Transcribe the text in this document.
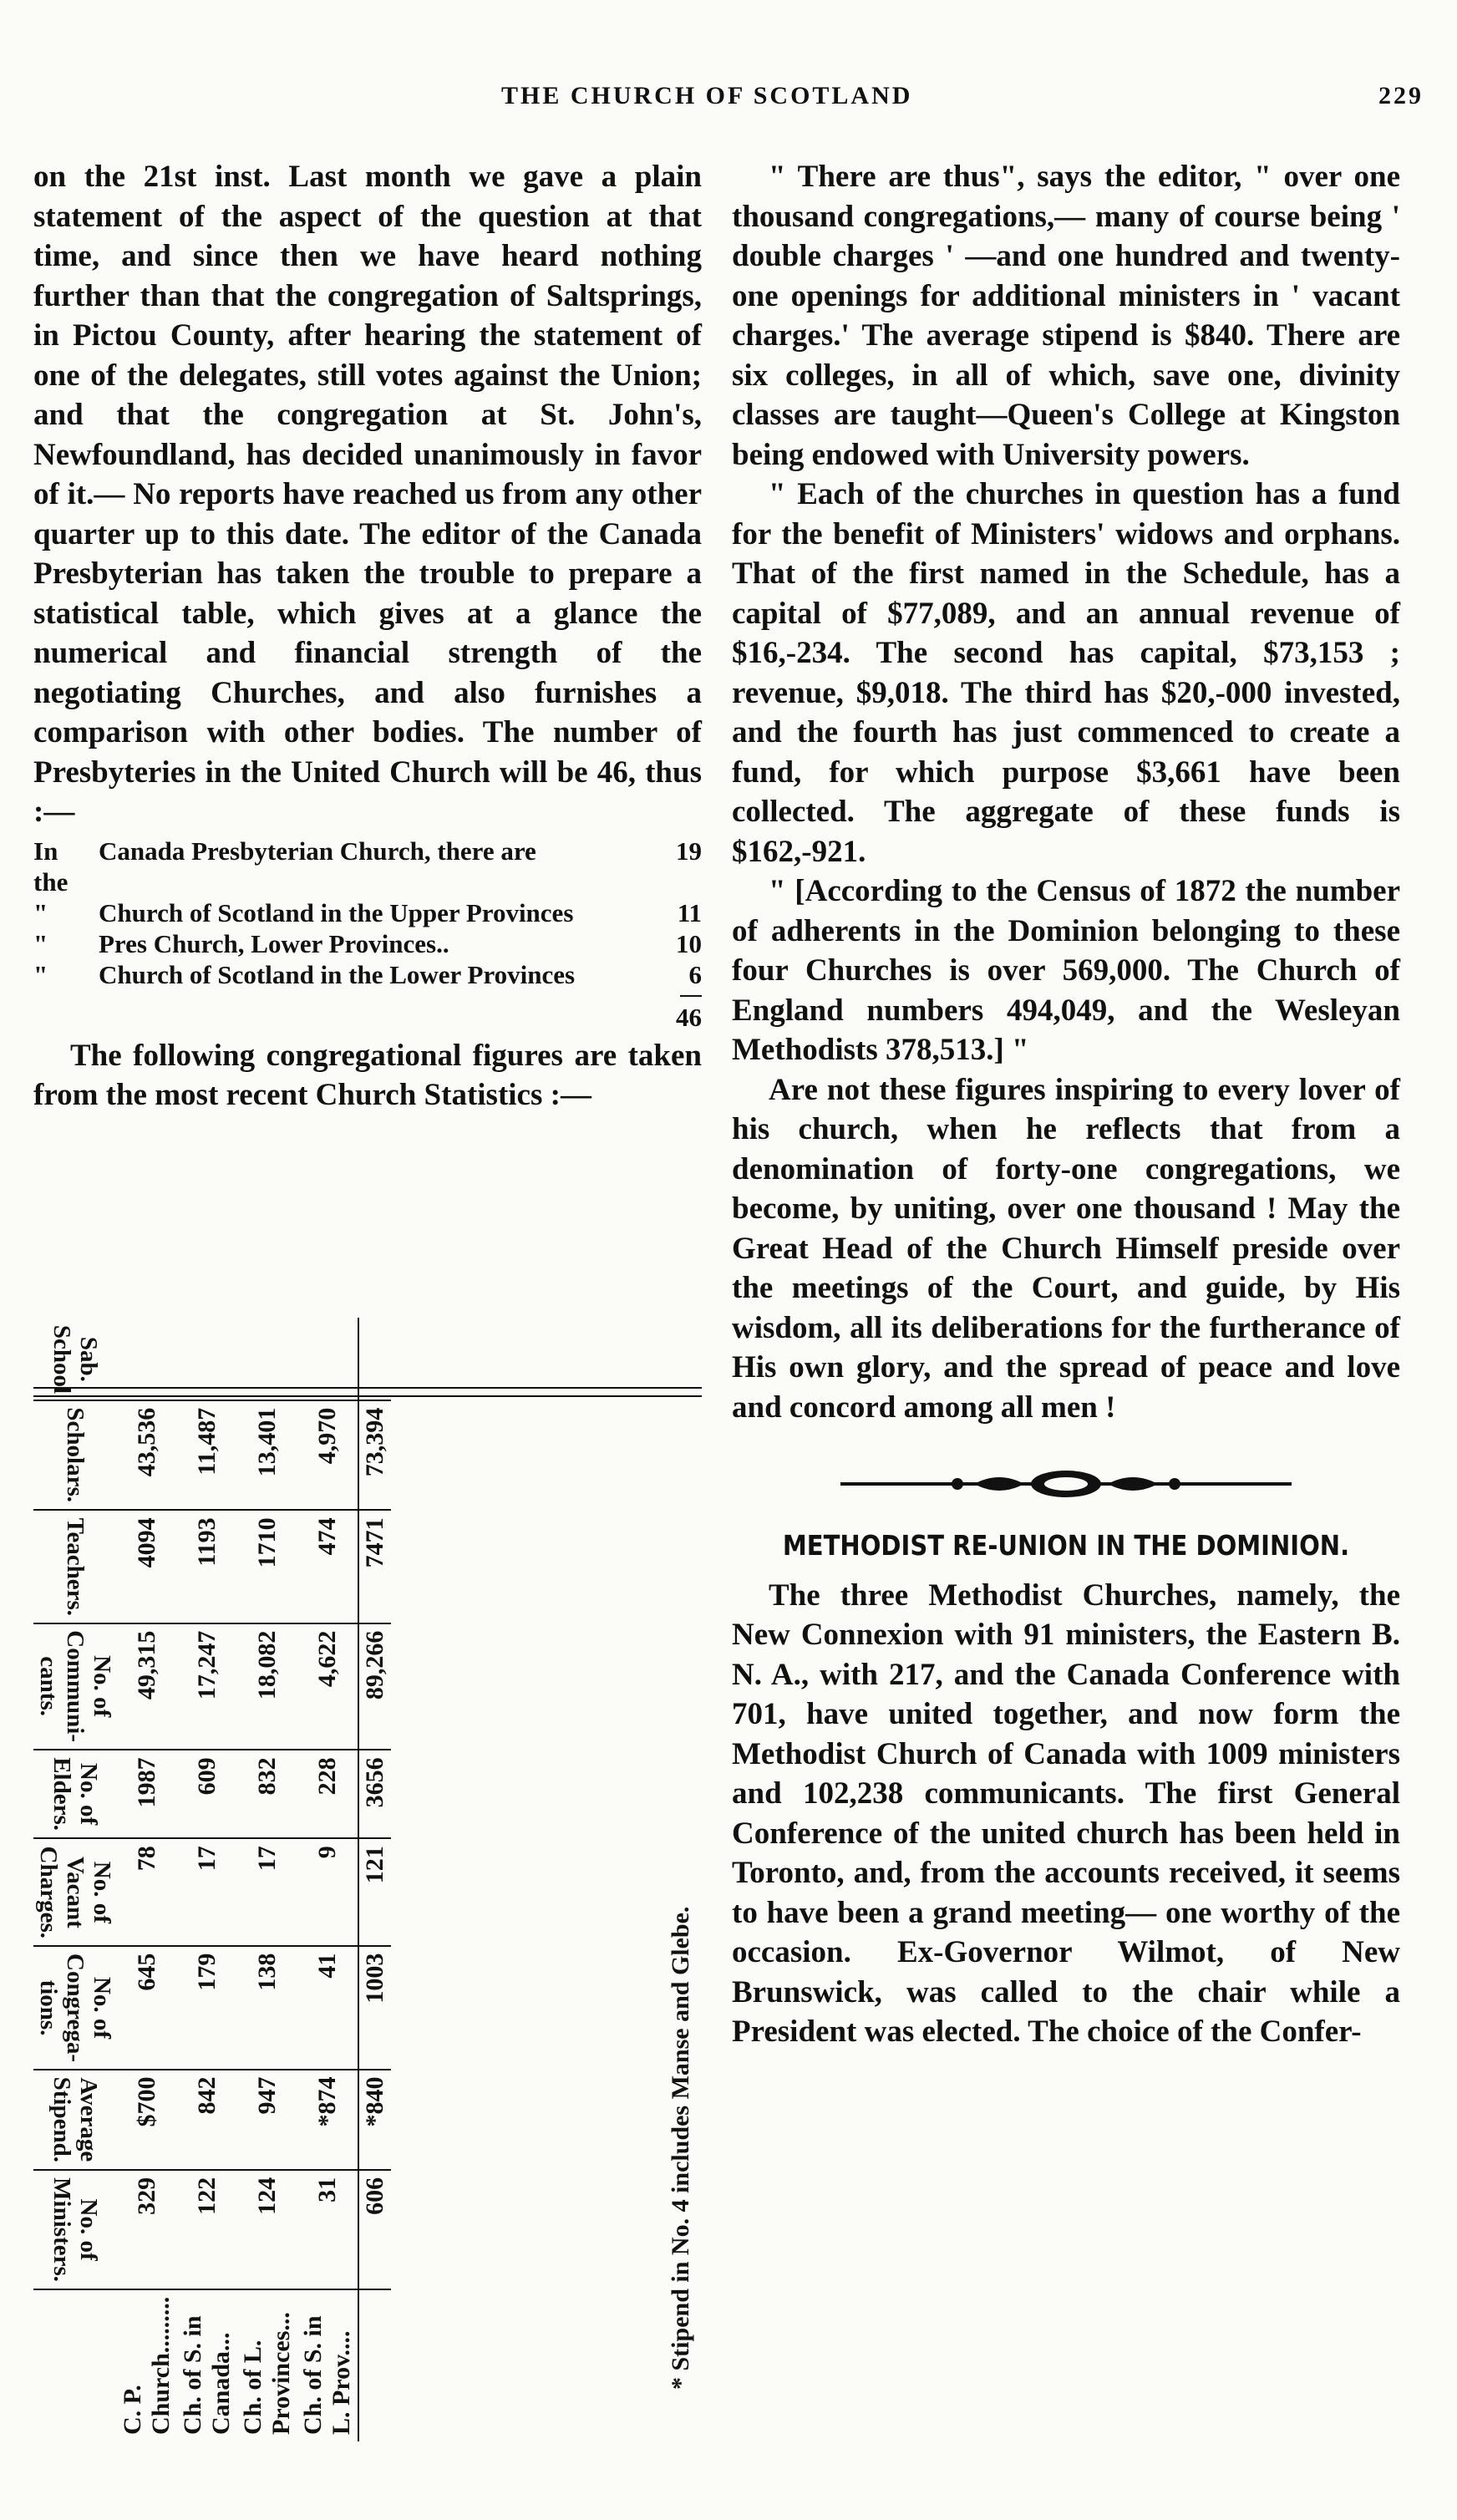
THE CHURCH OF SCOTLAND	229

on the 21st inst. Last month we gave a plain statement of the aspect of the question at that time, and since then we have heard nothing further than that the congregation of Saltsprings, in Pictou County, after hearing the statement of one of the delegates, still votes against the Union; and that the congregation at St. John's, Newfoundland, has decided unanimously in favor of it.— No reports have reached us from any other quarter up to this date. The editor of the Canada Presbyterian has taken the trouble to prepare a statistical table, which gives at a glance the numerical and financial strength of the negotiating Churches, and also furnishes a comparison with other bodies. The number of Presbyteries in the United Church will be 46, thus :—

In the
Canada Presbyterian Church, there are	19
"	Church of Scotland in the Upper Provinces	11
"	Pres Church, Lower Provinces..	10
"	Church of Scotland in the Lower Provinces	6
46

The following congregational figures are taken from the most recent Church Statistics :—

	No. of Ministers.	Average Stipend.	No. of Congrega-tions.	No. of Vacant Charges.	No. of Elders.	No. of Communi-cants.	Teachers.	Scholars.	Sab. School
C. P. Church.........	329	$700	645	78	1987	49,315	4094	43,536	
Ch. of S. in Canada...	122	842	179	17	609	17,247	1193	11,487	
Ch. of L. Provinces...	124	947	138	17	832	18,082	1710	13,401	
Ch. of S. in L. Prov....	31	*874	41	9	228	4,622	474	4,970	
	606	*840	1003	121	3656	89,266	7471	73,394	
* Stipend in No. 4 includes Manse and Glebe.

" There are thus", says the editor, " over one thousand congregations,— many of course being ' double charges ' —and one hundred and twenty-one openings for additional ministers in ' vacant charges.' The average stipend is $840. There are six colleges, in all of which, save one, divinity classes are taught—Queen's College at Kingston being endowed with University powers.

" Each of the churches in question has a fund for the benefit of Ministers' widows and orphans. That of the first named in the Schedule, has a capital of $77,089, and an annual revenue of $16,-234. The second has capital, $73,153 ; revenue, $9,018. The third has $20,-000 invested, and the fourth has just commenced to create a fund, for which purpose $3,661 have been collected. The aggregate of these funds is $162,-921.

" [According to the Census of 1872 the number of adherents in the Dominion belonging to these four Churches is over 569,000. The Church of England numbers 494,049, and the Wesleyan Methodists 378,513.] "

Are not these figures inspiring to every lover of his church, when he reflects that from a denomination of forty-one congregations, we become, by uniting, over one thousand ! May the Great Head of the Church Himself preside over the meetings of the Court, and guide, by His wisdom, all its deliberations for the furtherance of His own glory, and the spread of peace and love and concord among all men !

METHODIST RE-UNION IN THE DOMINION.

The three Methodist Churches, namely, the New Connexion with 91 ministers, the Eastern B. N. A., with 217, and the Canada Conference with 701, have united together, and now form the Methodist Church of Canada with 1009 ministers and 102,238 communicants. The first General Conference of the united church has been held in Toronto, and, from the accounts received, it seems to have been a grand meeting— one worthy of the occasion. Ex-Governor Wilmot, of New Brunswick, was called to the chair while a President was elected. The choice of the Confer-
